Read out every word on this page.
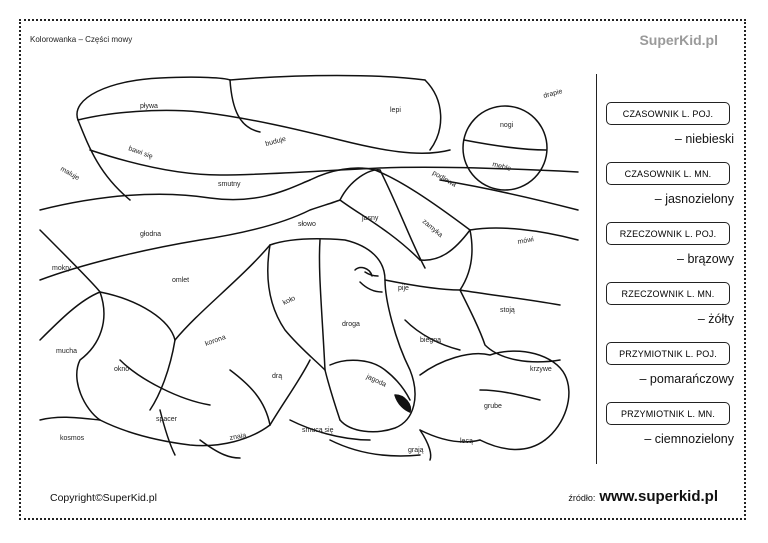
Kolorowanka – Części mowy	SuperKid.pl
pływa
lepi
drapie
nogi
bawi się
buduje
meble
maluje
smutny	podlewa
słowo
jasny	zamyka
głodna
mówi
mokry
omlet
pije
koło
stoją
droga
korona	biegną
mucha
okno
drą	jagoda
krzywe
grube
spacer
znają
smucą się
kosmos	lecą
grają
CZASOWNIK L. POJ.
– niebieski
CZASOWNIK L. MN.
– jasnozielony
RZECZOWNIK L. POJ.
– brązowy
RZECZOWNIK L. MN.
– żółty
PRZYMIOTNIK L. POJ.
– pomarańczowy
PRZYMIOTNIK L. MN.
– ciemnozielony
Copyright©SuperKid.pl	źródło: www.superkid.pl
